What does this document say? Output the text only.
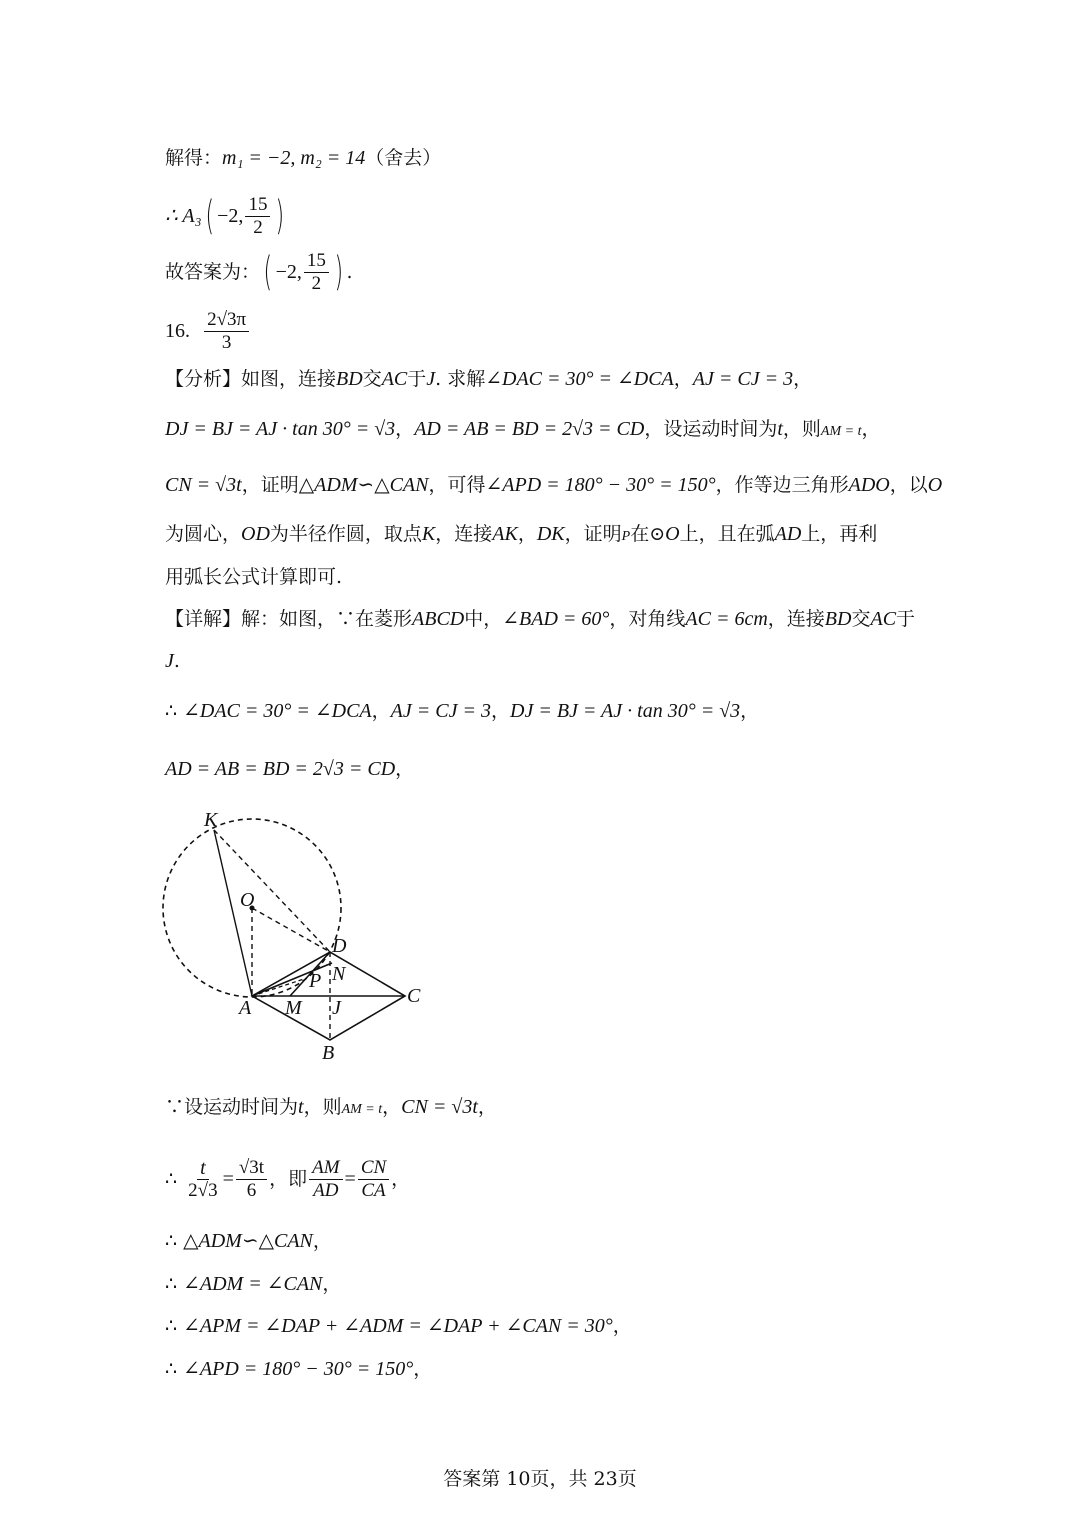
解得：m₁ = −2, m₂ = 14（舍去）
∴ A₃ ( −2, $\frac{15}{2}$ )
故答案为： ( −2, $\frac{15}{2}$ ) .
16.
$\frac{2√3\pi}{3}$
【分析】如图，连接BD交AC于J. 求解∠DAC = 30° = ∠DCA，AJ = CJ = 3，
DJ = BJ = AJ · tan 30° = √3，AD = AB = BD = 2√3 = CD，设运动时间为t，则AM = t，
CN = √3t，证明△ADM∽△CAN，可得∠APD = 180° − 30° = 150°，作等边三角形ADO，以O
为圆心，OD为半径作圆，取点K，连接AK，DK，证明P在⊙O上，且在弧AD上，再利
用弧长公式计算即可.
【详解】解：如图，∵在菱形ABCD中，∠BAD = 60°，对角线AC = 6cm，连接BD交AC于
J.
∴ ∠DAC = 30° = ∠DCA，AJ = CJ = 3，DJ = BJ = AJ · tan 30° = √3，
AD = AB = BD = 2√3 = CD，
K
O
D
N
P
C
A M J
B
∵设运动时间为t，则AM = t，CN = √3t，
∴
$\frac{t}{2√3} = \frac{√3t}{6}$ ，即 $\frac{AM}{AD} = \frac{CN}{CA}$ ，
∴ △ADM∽△CAN，
∴ ∠ADM = ∠CAN，
∴ ∠APM = ∠DAP + ∠ADM = ∠DAP + ∠CAN = 30°，
∴ ∠APD = 180° − 30° = 150°，
答案第 10页，共 23页
